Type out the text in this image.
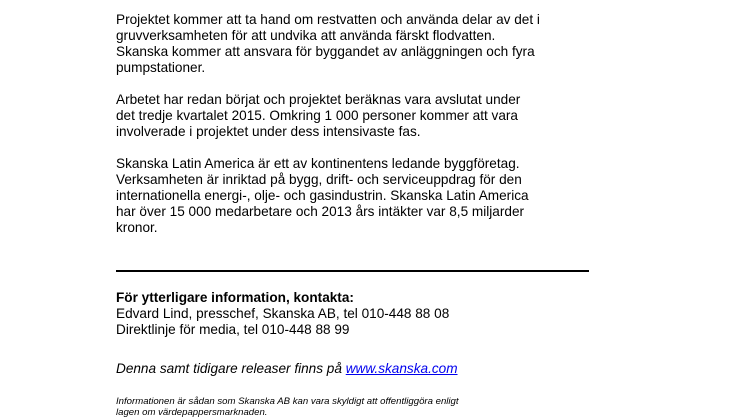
Projektet kommer att ta hand om restvatten och använda delar av det i
gruvverksamheten för att undvika att använda färskt flodvatten.
Skanska kommer att ansvara för byggandet av anläggningen och fyra
pumpstationer.

Arbetet har redan börjat och projektet beräknas vara avslutat under
det tredje kvartalet 2015. Omkring 1 000 personer kommer att vara
involverade i projektet under dess intensivaste fas.

Skanska Latin America är ett av kontinentens ledande byggföretag.
Verksamheten är inriktad på bygg, drift- och serviceuppdrag för den
internationella energi-, olje- och gasindustrin. Skanska Latin America
har över 15 000 medarbetare och 2013 års intäkter var 8,5 miljarder
kronor.

För ytterligare information, kontakta:
Edvard Lind, presschef, Skanska AB, tel 010-448 88 08
Direktlinje för media, tel 010-448 88 99
Denna samt tidigare releaser finns på www.skanska.com
Informationen är sådan som Skanska AB kan vara skyldigt att offentliggöra enligt
lagen om värdepappersmarknaden.
